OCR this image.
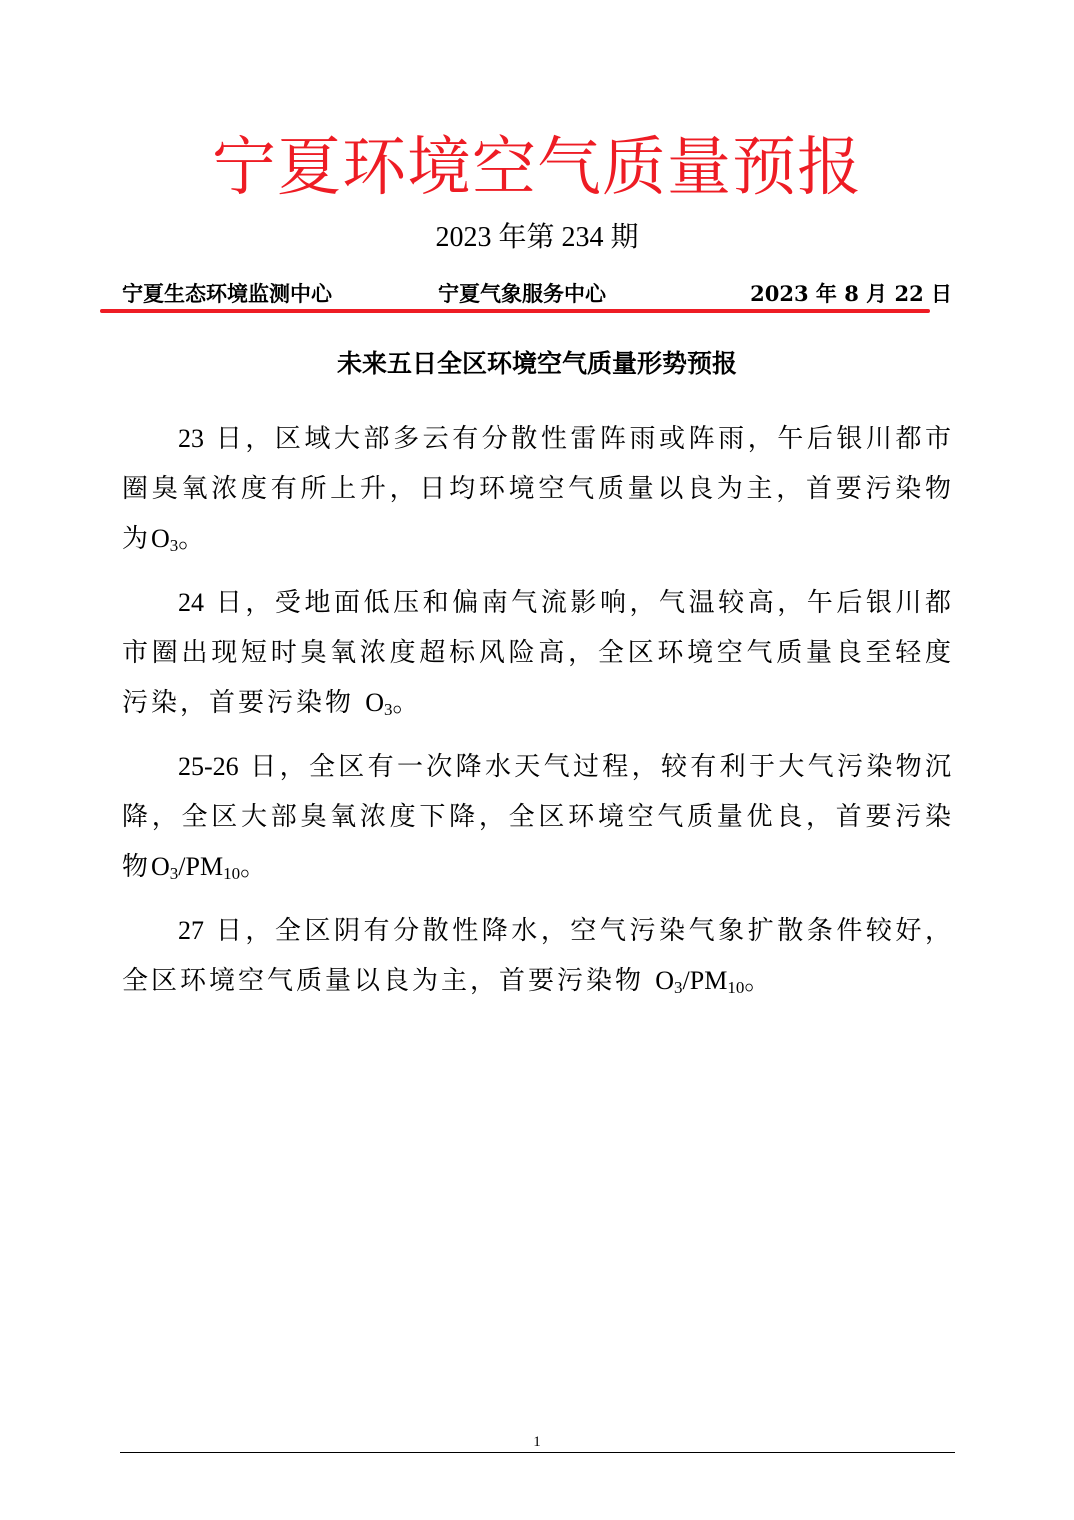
宁夏环境空气质量预报
2023 年第 234 期
宁夏生态环境监测中心	宁夏气象服务中心	2023 年 8 月 22 日
未来五日全区环境空气质量形势预报

23 日，区域大部多云有分散性雷阵雨或阵雨，午后银川都市圈臭氧浓度有所上升，日均环境空气质量以良为主，首要污染物为$O_3$。

24 日，受地面低压和偏南气流影响，气温较高，午后银川都市圈出现短时臭氧浓度超标风险高，全区环境空气质量良至轻度污染，首要污染物 $O_3$。

25-26 日，全区有一次降水天气过程，较有利于大气污染物沉降，全区大部臭氧浓度下降，全区环境空气质量优良，首要污染物$O_3/PM_{10}$。

27 日，全区阴有分散性降水，空气污染气象扩散条件较好，全区环境空气质量以良为主，首要污染物 $O_3/PM_{10}$。

1
